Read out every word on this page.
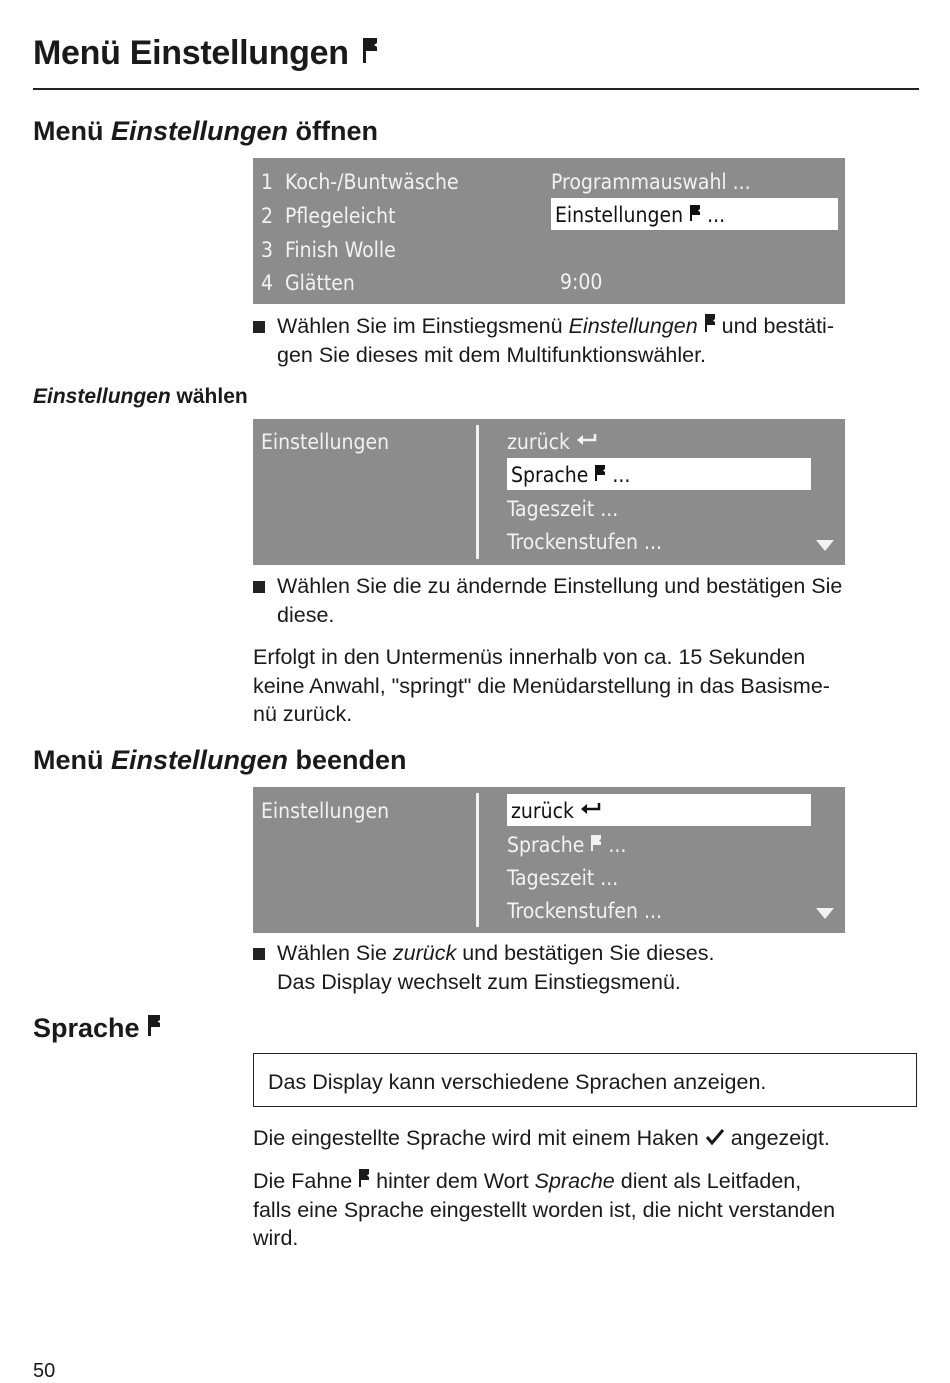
Menü Einstellungen
Menü Einstellungen öffnen
1 Koch-/Buntwäsche
2 Pflegeleicht
3 Finish Wolle
4 Glätten
Programmauswahl ...
Einstellungen
...
9:00
Wählen Sie im Einstiegsmenü Einstellungen
und bestäti-
gen Sie dieses mit dem Multifunktionswähler.
Einstellungen wählen
Einstellungen	zurück
Sprache
...
Tageszeit ...
Trockenstufen ...
Wählen Sie die zu ändernde Einstellung und bestätigen Sie
diese.
Erfolgt in den Untermenüs innerhalb von ca. 15 Sekunden
keine Anwahl, "springt" die Menüdarstellung in das Basisme-
nü zurück.
Menü Einstellungen beenden
Einstellungen	zurück
Sprache
...
Tageszeit ...
Trockenstufen ...
Wählen Sie zurück und bestätigen Sie dieses.
Das Display wechselt zum Einstiegsmenü.
Sprache
Das Display kann verschiedene Sprachen anzeigen.
Die eingestellte Sprache wird mit einem Haken  angezeigt.
Die Fahne
hinter dem Wort Sprache dient als Leitfaden,
falls eine Sprache eingestellt worden ist, die nicht verstanden
wird.
50
